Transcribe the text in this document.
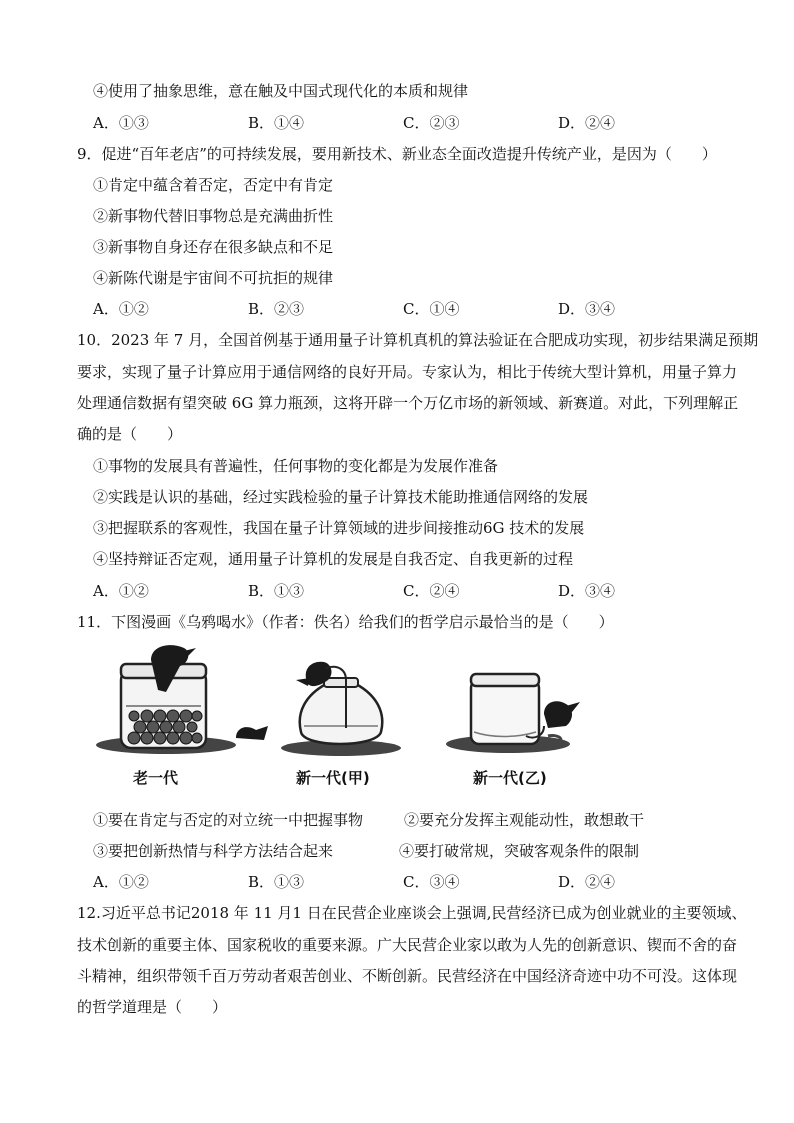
④使用了抽象思维，意在触及中国式现代化的本质和规律
A．①③	B．①④	C．②③	D．②④
9．促进“百年老店”的可持续发展，要用新技术、新业态全面改造提升传统产业，是因为（　　）
①肯定中蕴含着否定，否定中有肯定
②新事物代替旧事物总是充满曲折性
③新事物自身还存在很多缺点和不足
④新陈代谢是宇宙间不可抗拒的规律
A．①②	B．②③	C．①④	D．③④
10．2023 年 7 月，全国首例基于通用量子计算机真机的算法验证在合肥成功实现，初步结果满足预期
要求，实现了量子计算应用于通信网络的良好开局。专家认为，相比于传统大型计算机，用量子算力
处理通信数据有望突破 6G 算力瓶颈，这将开辟一个万亿市场的新领域、新赛道。对此，下列理解正
确的是（　　）
①事物的发展具有普遍性，任何事物的变化都是为发展作准备
②实践是认识的基础，经过实践检验的量子计算技术能助推通信网络的发展
③把握联系的客观性，我国在量子计算领域的进步间接推动6G 技术的发展
④坚持辩证否定观，通用量子计算机的发展是自我否定、自我更新的过程
A．①②	B．①③	C．②④	D．③④
11．下图漫画《乌鸦喝水》（作者：佚名）给我们的哲学启示最恰当的是（　　）
老一代	新一代(甲)	新一代(乙)
①要在肯定与否定的对立统一中把握事物	②要充分发挥主观能动性，敢想敢干
③要把创新热情与科学方法结合起来	④要打破常规，突破客观条件的限制
A．①②	B．①③	C．③④	D．②④
12.习近平总书记2018 年 11 月1 日在民营企业座谈会上强调,民营经济已成为创业就业的主要领域、
技术创新的重要主体、国家税收的重要来源。广大民营企业家以敢为人先的创新意识、锲而不舍的奋
斗精神，组织带领千百万劳动者艰苦创业、不断创新。民营经济在中国经济奇迹中功不可没。这体现
的哲学道理是（　　）
